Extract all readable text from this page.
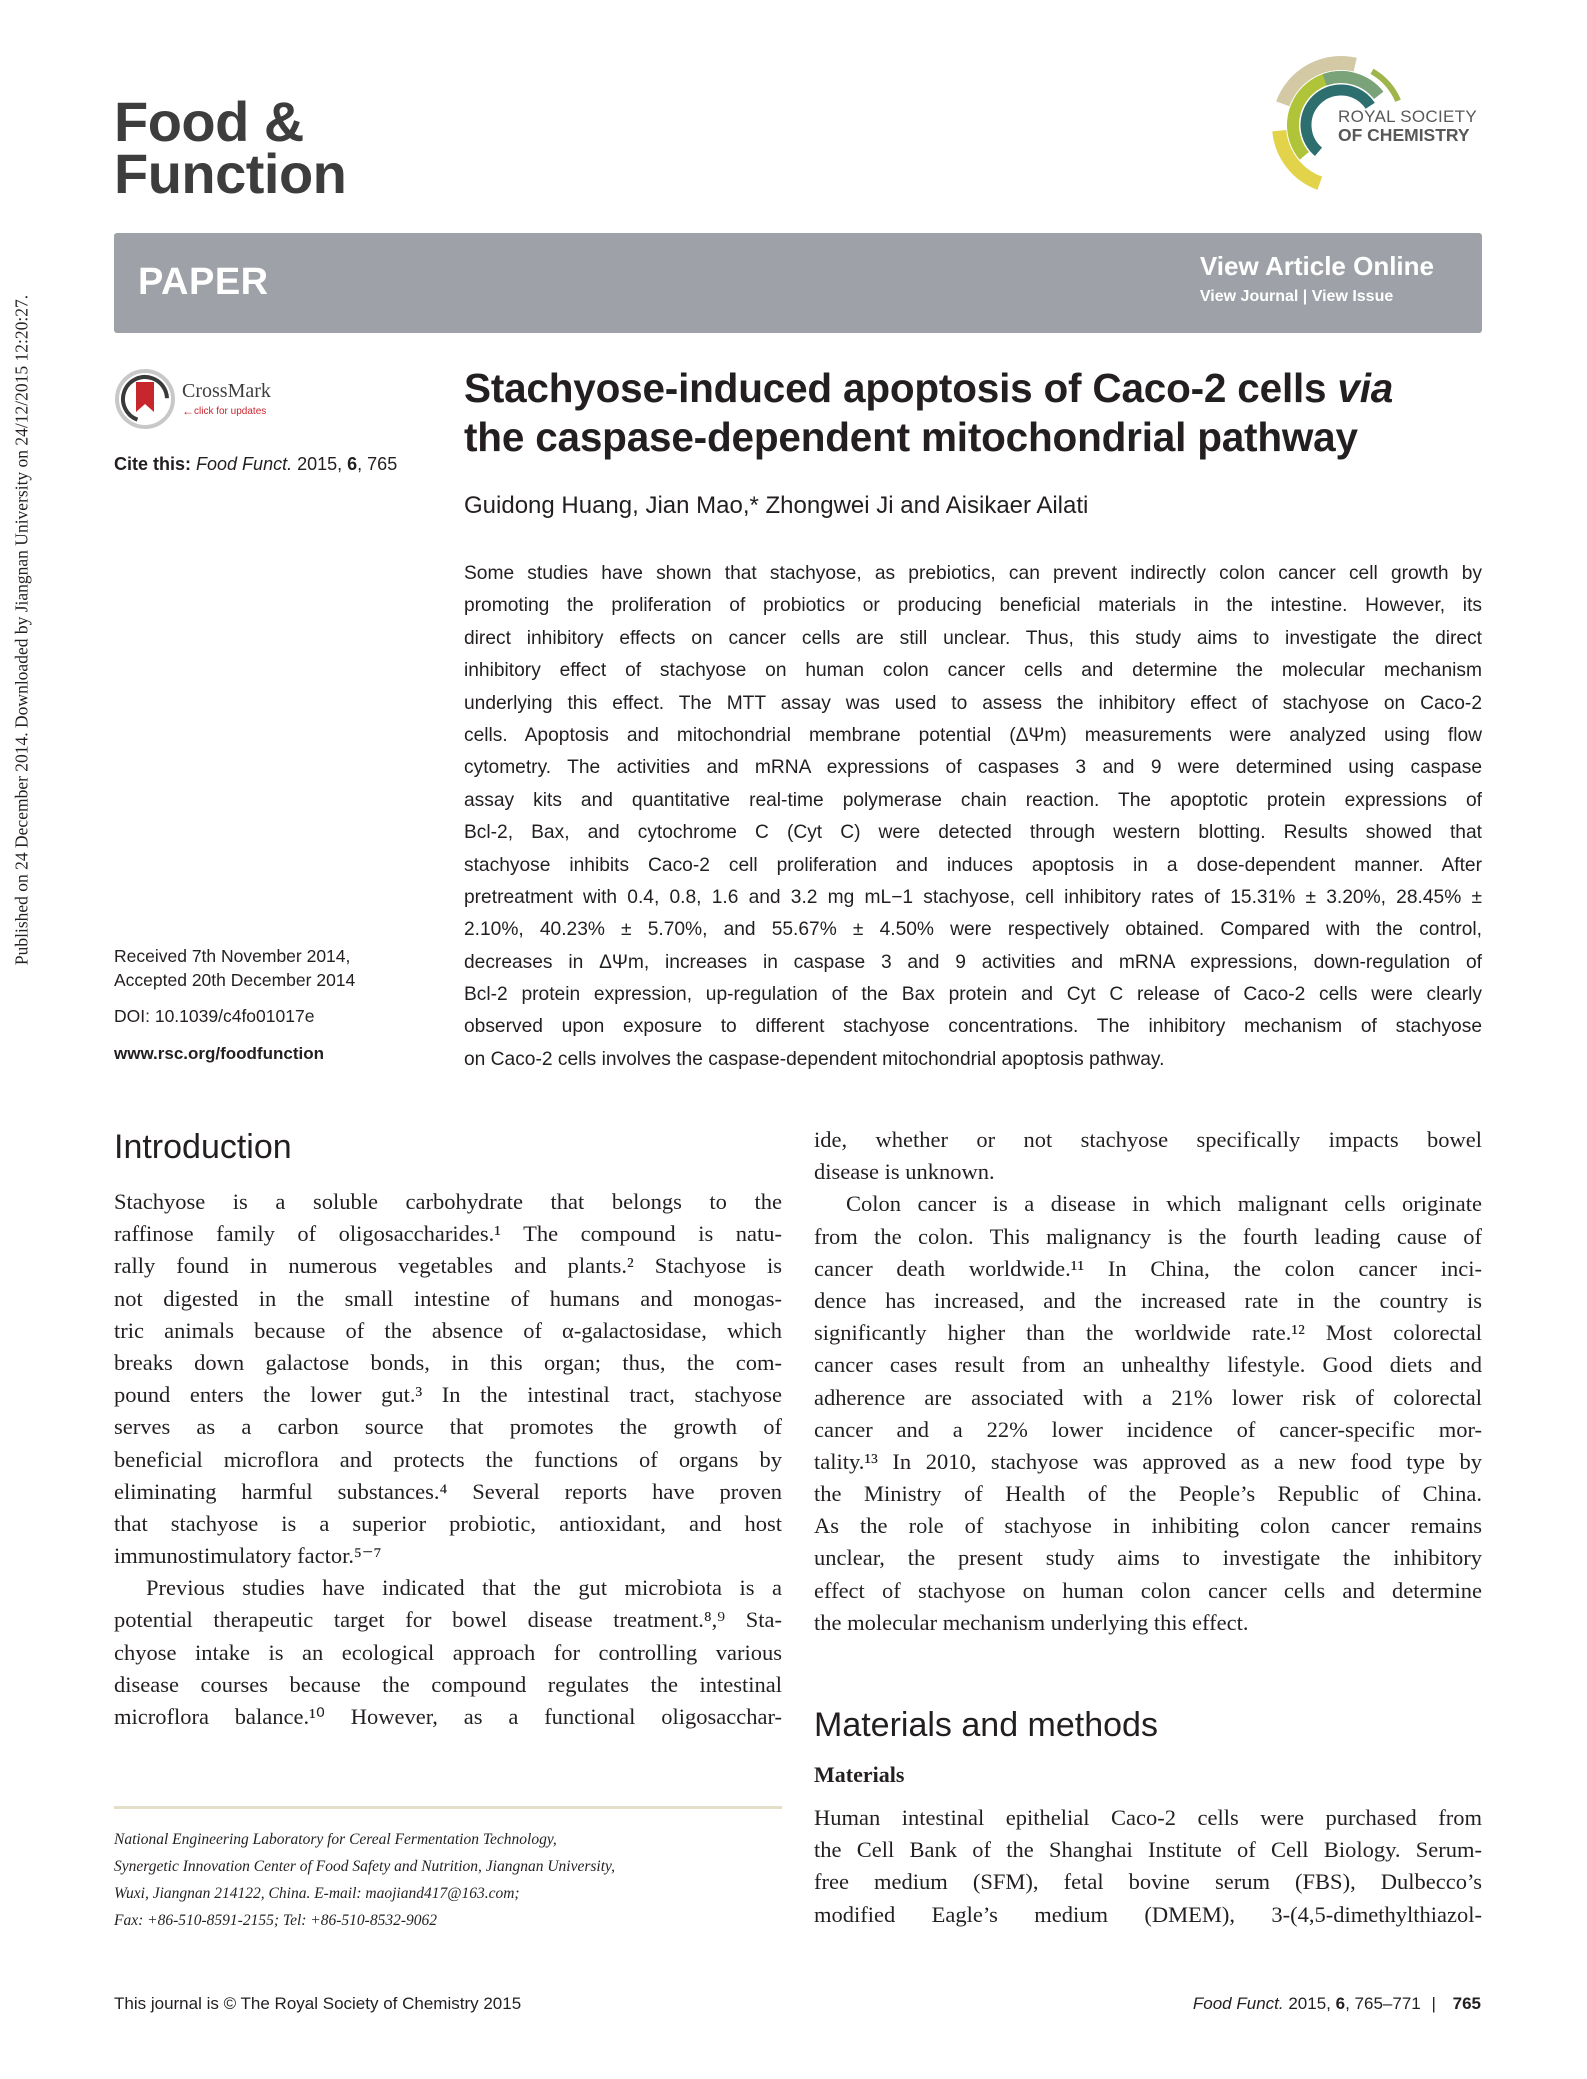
Published on 24 December 2014. Downloaded by Jiangnan University on 24/12/2015 12:20:27.
Food &
Function
ROYAL SOCIETY
OF CHEMISTRY
PAPER	View Article Online
View Journal | View Issue
CrossMark
← click for updates
Cite this: Food Funct. 2015, 6, 765
Received 7th November 2014,
Accepted 20th December 2014
DOI: 10.1039/c4fo01017e
www.rsc.org/foodfunction
Stachyose-induced apoptosis of Caco-2 cells via
the caspase-dependent mitochondrial pathway
Guidong Huang, Jian Mao,* Zhongwei Ji and Aisikaer Ailati
Some studies have shown that stachyose, as prebiotics, can prevent indirectly colon cancer cell growth by
promoting the proliferation of probiotics or producing beneficial materials in the intestine. However, its
direct inhibitory effects on cancer cells are still unclear. Thus, this study aims to investigate the direct
inhibitory effect of stachyose on human colon cancer cells and determine the molecular mechanism
underlying this effect. The MTT assay was used to assess the inhibitory effect of stachyose on Caco-2
cells. Apoptosis and mitochondrial membrane potential (ΔΨm) measurements were analyzed using flow
cytometry. The activities and mRNA expressions of caspases 3 and 9 were determined using caspase
assay kits and quantitative real-time polymerase chain reaction. The apoptotic protein expressions of
Bcl-2, Bax, and cytochrome C (Cyt C) were detected through western blotting. Results showed that
stachyose inhibits Caco-2 cell proliferation and induces apoptosis in a dose-dependent manner. After
pretreatment with 0.4, 0.8, 1.6 and 3.2 mg mL−1 stachyose, cell inhibitory rates of 15.31% ± 3.20%, 28.45% ±
2.10%, 40.23% ± 5.70%, and 55.67% ± 4.50% were respectively obtained. Compared with the control,
decreases in ΔΨm, increases in caspase 3 and 9 activities and mRNA expressions, down-regulation of
Bcl-2 protein expression, up-regulation of the Bax protein and Cyt C release of Caco-2 cells were clearly
observed upon exposure to different stachyose concentrations. The inhibitory mechanism of stachyose
on Caco-2 cells involves the caspase-dependent mitochondrial apoptosis pathway.
Introduction
Stachyose is a soluble carbohydrate that belongs to the
raffinose family of oligosaccharides.¹ The compound is natu-
rally found in numerous vegetables and plants.² Stachyose is
not digested in the small intestine of humans and monogas-
tric animals because of the absence of α-galactosidase, which
breaks down galactose bonds, in this organ; thus, the com-
pound enters the lower gut.³ In the intestinal tract, stachyose
serves as a carbon source that promotes the growth of
beneficial microflora and protects the functions of organs by
eliminating harmful substances.⁴ Several reports have proven
that stachyose is a superior probiotic, antioxidant, and host
immunostimulatory factor.⁵⁻⁷
Previous studies have indicated that the gut microbiota is a
potential therapeutic target for bowel disease treatment.⁸,⁹ Sta-
chyose intake is an ecological approach for controlling various
disease courses because the compound regulates the intestinal
microflora balance.¹⁰ However, as a functional oligosacchar-
ide, whether or not stachyose specifically impacts bowel
disease is unknown.
Colon cancer is a disease in which malignant cells originate
from the colon. This malignancy is the fourth leading cause of
cancer death worldwide.¹¹ In China, the colon cancer inci-
dence has increased, and the increased rate in the country is
significantly higher than the worldwide rate.¹² Most colorectal
cancer cases result from an unhealthy lifestyle. Good diets and
adherence are associated with a 21% lower risk of colorectal
cancer and a 22% lower incidence of cancer-specific mor-
tality.¹³ In 2010, stachyose was approved as a new food type by
the Ministry of Health of the People’s Republic of China.
As the role of stachyose in inhibiting colon cancer remains
unclear, the present study aims to investigate the inhibitory
effect of stachyose on human colon cancer cells and determine
the molecular mechanism underlying this effect.
Materials and methods
Materials
Human intestinal epithelial Caco-2 cells were purchased from
the Cell Bank of the Shanghai Institute of Cell Biology. Serum-
free medium (SFM), fetal bovine serum (FBS), Dulbecco’s
modified Eagle’s medium (DMEM), 3-(4,5-dimethylthiazol-
National Engineering Laboratory for Cereal Fermentation Technology,
Synergetic Innovation Center of Food Safety and Nutrition, Jiangnan University,
Wuxi, Jiangnan 214122, China. E-mail: maojiand417@163.com;
Fax: +86-510-8591-2155; Tel: +86-510-8532-9062
This journal is © The Royal Society of Chemistry 2015	Food Funct. 2015, 6, 765–771 | 765
